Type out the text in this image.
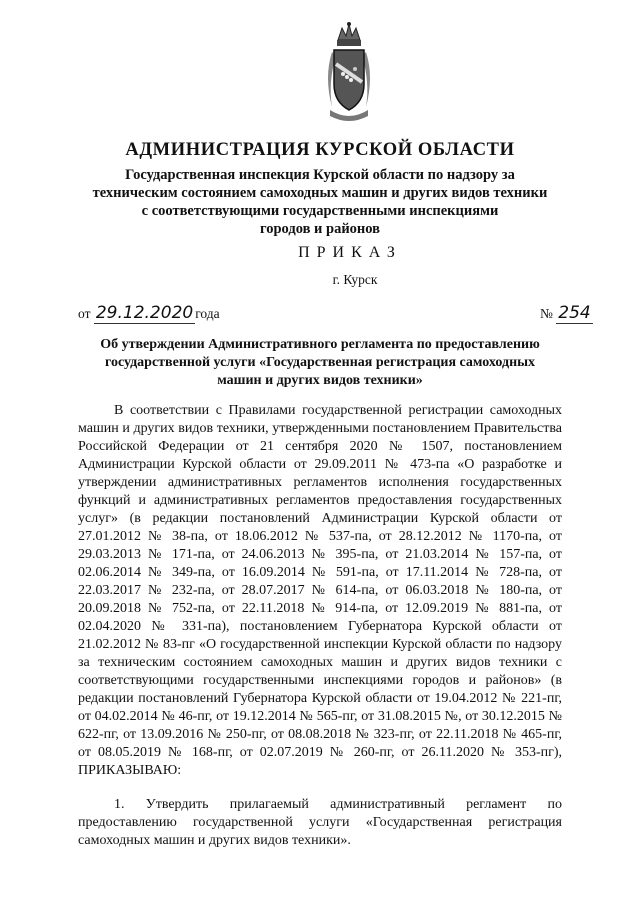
АДМИНИСТРАЦИЯ КУРСКОЙ ОБЛАСТИ
Государственная инспекция Курской области по надзору за
техническим состоянием самоходных машин и других видов техники
с соответствующими государственными инспекциями
городов и районов
ПРИКАЗ
г. Курск
от 29.12.2020 года	№ 254
Об утверждении Административного регламента по предоставлению
государственной услуги «Государственная регистрация самоходных
машин и других видов техники»

В соответствии с Правилами государственной регистрации самоходных машин и других видов техники, утвержденными постановлением Правительства Российской Федерации от 21 сентября 2020 № 1507, постановлением Администрации Курской области от 29.09.2011 № 473-па «О разработке и утверждении административных регламентов исполнения государственных функций и административных регламентов предоставления государственных услуг» (в редакции постановлений Администрации Курской области от 27.01.2012 № 38-па, от 18.06.2012 № 537-па, от 28.12.2012 № 1170-па, от 29.03.2013 № 171-па, от 24.06.2013 № 395-па, от 21.03.2014 № 157-па, от 02.06.2014 № 349-па, от 16.09.2014 № 591-па, от 17.11.2014 № 728-па, от 22.03.2017 № 232-па, от 28.07.2017 № 614-па, от 06.03.2018 № 180-па, от 20.09.2018 № 752-па, от 22.11.2018 № 914-па, от 12.09.2019 № 881-па, от 02.04.2020 № 331-па), постановлением Губернатора Курской области от 21.02.2012 № 83-пг «О государственной инспекции Курской области по надзору за техническим состоянием самоходных машин и других видов техники с соответствующими государственными инспекциями городов и районов» (в редакции постановлений Губернатора Курской области от 19.04.2012 № 221-пг, от 04.02.2014 № 46-пг, от 19.12.2014 № 565-пг, от 31.08.2015 №, от 30.12.2015 № 622-пг, от 13.09.2016 № 250-пг, от 08.08.2018 № 323-пг, от 22.11.2018 № 465-пг, от 08.05.2019 № 168-пг, от 02.07.2019 № 260-пг, от 26.11.2020 № 353-пг), ПРИКАЗЫВАЮ:

1. Утвердить прилагаемый административный регламент по предоставлению государственной услуги «Государственная регистрация самоходных машин и других видов техники».
